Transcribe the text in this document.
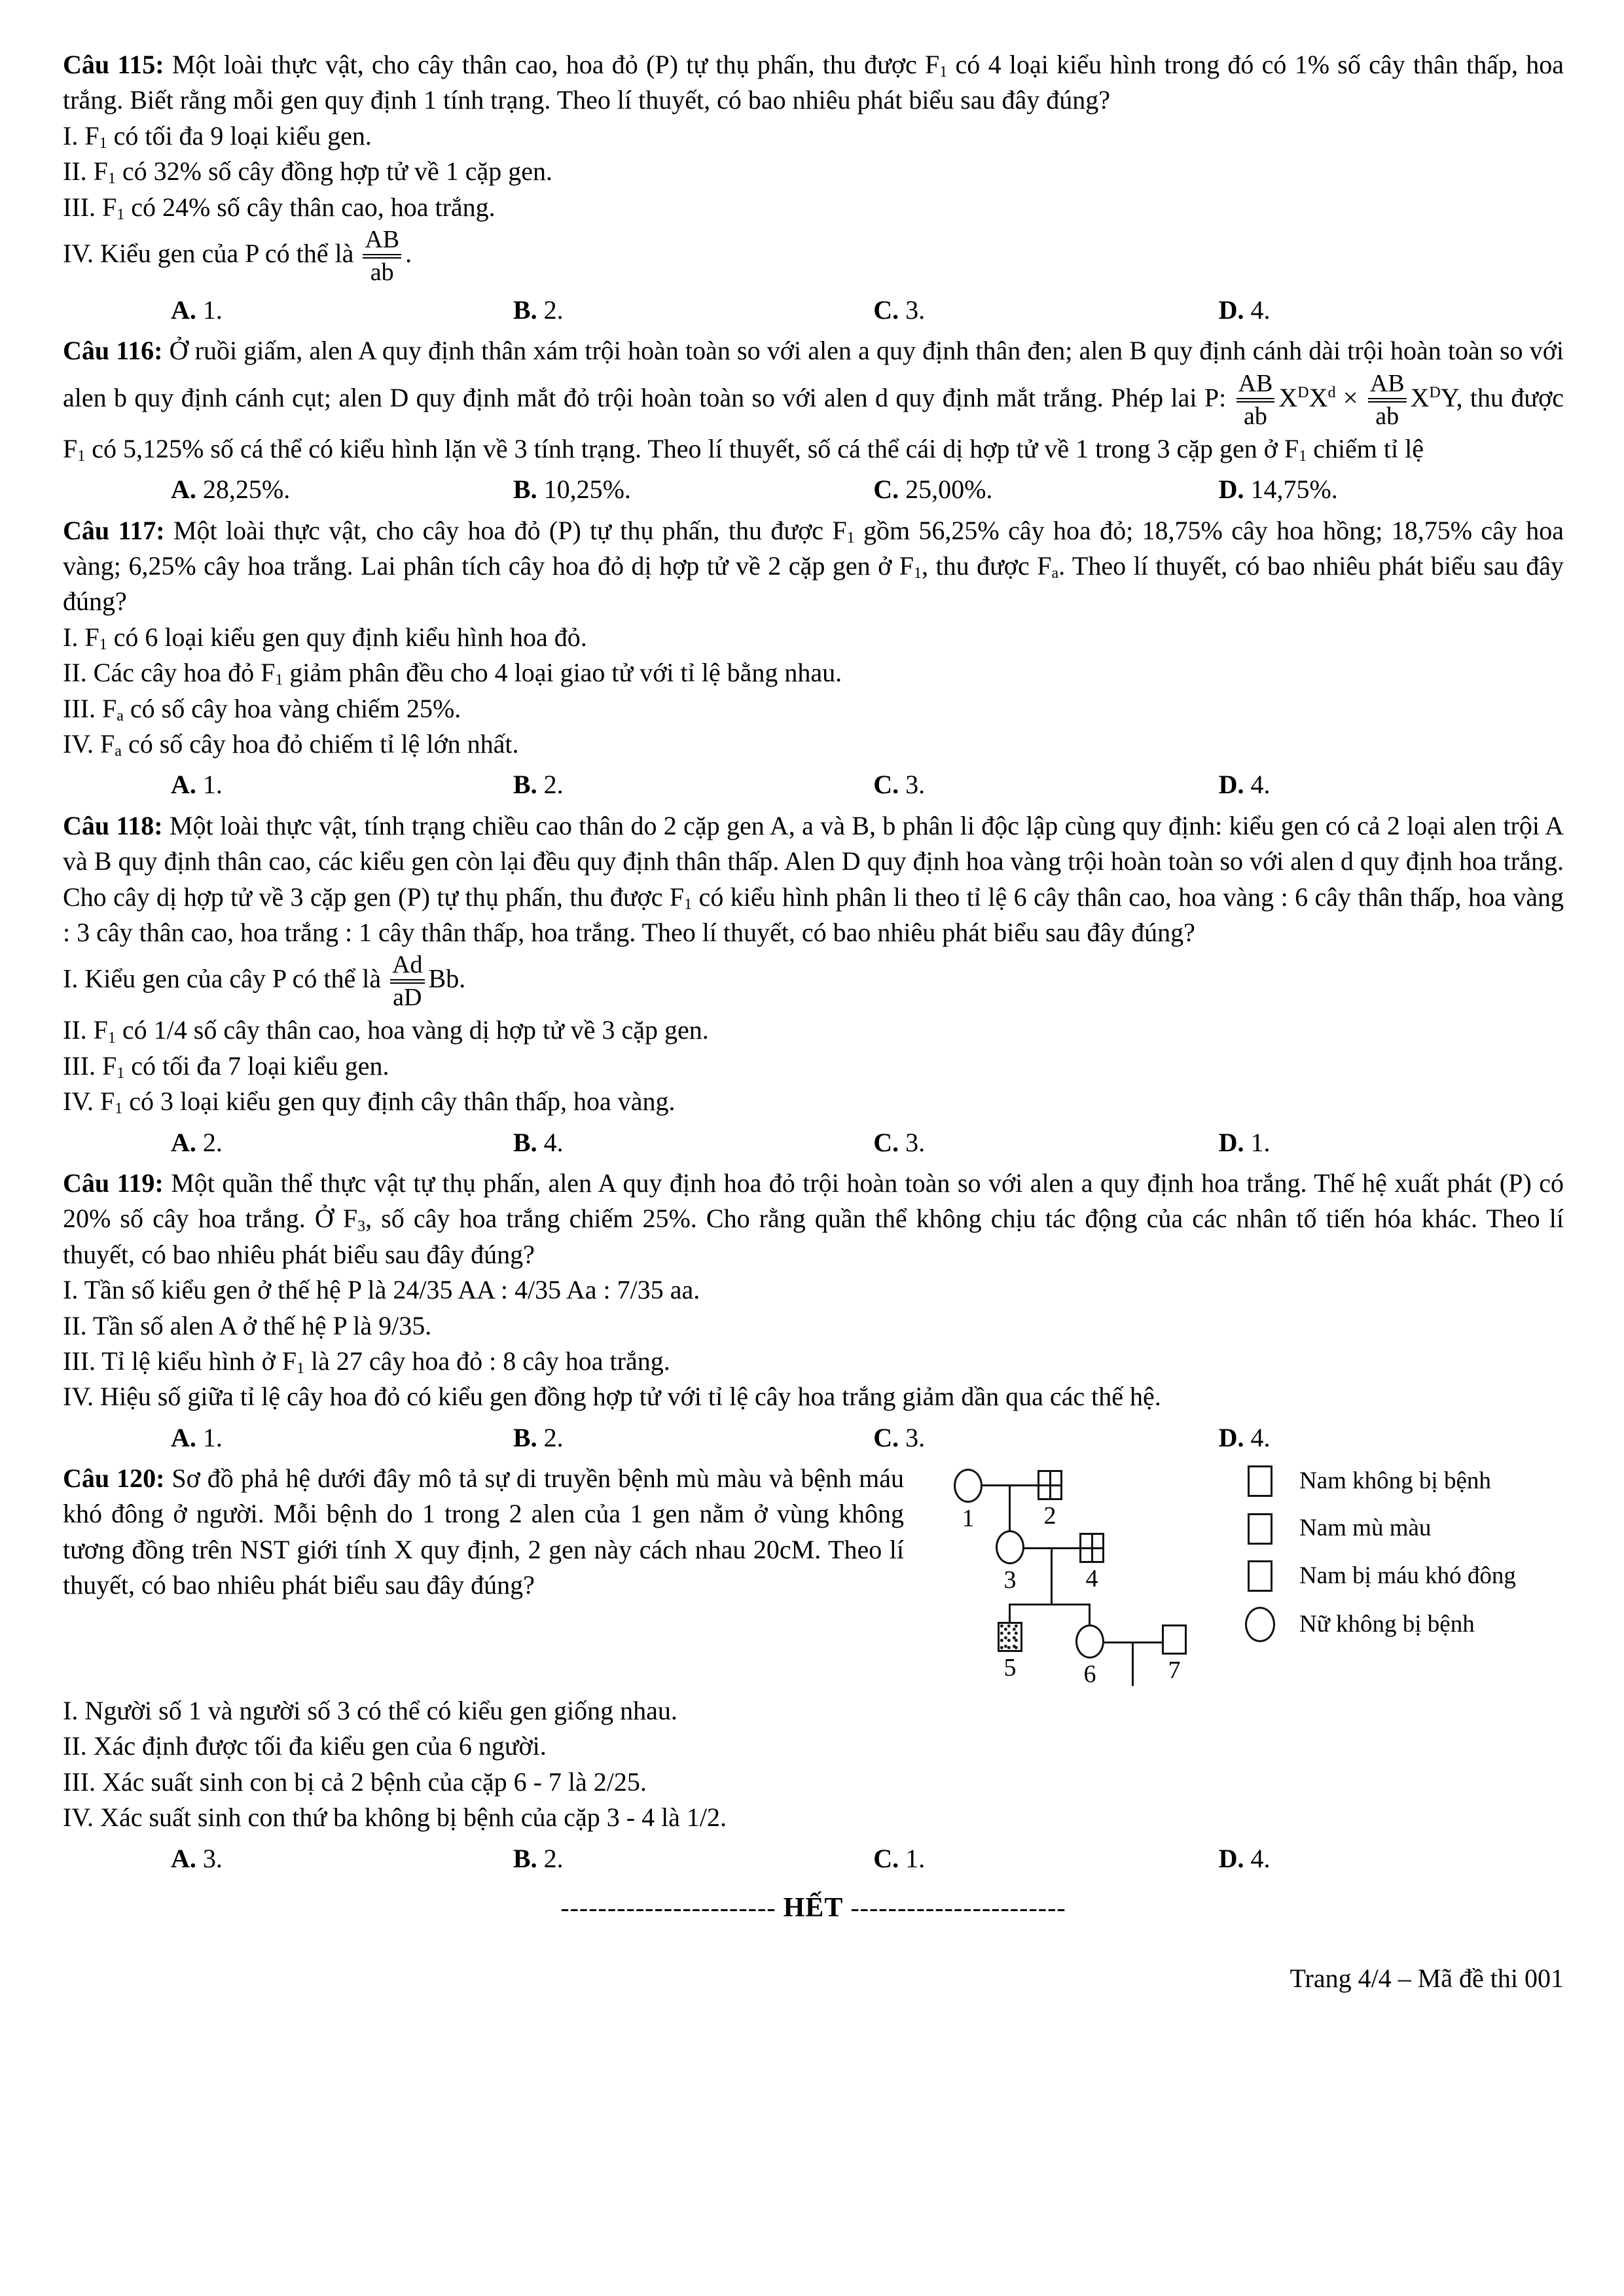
Câu 115: Một loài thực vật, cho cây thân cao, hoa đỏ (P) tự thụ phấn, thu được $F_1$ có 4 loại kiểu hình trong đó có 1% số cây thân thấp, hoa trắng. Biết rằng mỗi gen quy định 1 tính trạng. Theo lí thuyết, có bao nhiêu phát biểu sau đây đúng?

I. $F_1$ có tối đa 9 loại kiểu gen.

II. $F_1$ có 32% số cây đồng hợp tử về 1 cặp gen.

III. $F_1$ có 24% số cây thân cao, hoa trắng.

IV. Kiểu gen của P có thể là $\frac{AB}{ab}$ .

A. 1.	B. 2.	C. 3.	D. 4.

Câu 116: Ở ruồi giấm, alen A quy định thân xám trội hoàn toàn so với alen a quy định thân đen; alen B quy định cánh dài trội hoàn toàn so với alen b quy định cánh cụt; alen D quy định mắt đỏ trội hoàn toàn so với alen d quy định mắt trắng. Phép lai P: $\frac{AB}{ab} X^DX^d \times \frac{AB}{ab} X^DY$, thu được $F_1$ có 5,125% số cá thể có kiểu hình lặn về 3 tính trạng. Theo lí thuyết, số cá thể cái dị hợp tử về 1 trong 3 cặp gen ở $F_1$ chiếm tỉ lệ

A. 28,25%.	B. 10,25%.	C. 25,00%.	D. 14,75%.

Câu 117: Một loài thực vật, cho cây hoa đỏ (P) tự thụ phấn, thu được $F_1$ gồm 56,25% cây hoa đỏ; 18,75% cây hoa hồng; 18,75% cây hoa vàng; 6,25% cây hoa trắng. Lai phân tích cây hoa đỏ dị hợp tử về 2 cặp gen ở $F_1$, thu được $F_a$. Theo lí thuyết, có bao nhiêu phát biểu sau đây đúng?

I. $F_1$ có 6 loại kiểu gen quy định kiểu hình hoa đỏ.

II. Các cây hoa đỏ $F_1$ giảm phân đều cho 4 loại giao tử với tỉ lệ bằng nhau.

III. $F_a$ có số cây hoa vàng chiếm 25%.

IV. $F_a$ có số cây hoa đỏ chiếm tỉ lệ lớn nhất.

A. 1.	B. 2.	C. 3.	D. 4.

Câu 118: Một loài thực vật, tính trạng chiều cao thân do 2 cặp gen A, a và B, b phân li độc lập cùng quy định: kiểu gen có cả 2 loại alen trội A và B quy định thân cao, các kiểu gen còn lại đều quy định thân thấp. Alen D quy định hoa vàng trội hoàn toàn so với alen d quy định hoa trắng. Cho cây dị hợp tử về 3 cặp gen (P) tự thụ phấn, thu được $F_1$ có kiểu hình phân li theo tỉ lệ 6 cây thân cao, hoa vàng : 6 cây thân thấp, hoa vàng : 3 cây thân cao, hoa trắng : 1 cây thân thấp, hoa trắng. Theo lí thuyết, có bao nhiêu phát biểu sau đây đúng?

I. Kiểu gen của cây P có thể là $\frac{Ad}{aD} Bb$.

II. $F_1$ có 1/4 số cây thân cao, hoa vàng dị hợp tử về 3 cặp gen.

III. $F_1$ có tối đa 7 loại kiểu gen.

IV. $F_1$ có 3 loại kiểu gen quy định cây thân thấp, hoa vàng.

A. 2.	B. 4.	C. 3.	D. 1.

Câu 119: Một quần thể thực vật tự thụ phấn, alen A quy định hoa đỏ trội hoàn toàn so với alen a quy định hoa trắng. Thế hệ xuất phát (P) có 20% số cây hoa trắng. Ở $F_3$, số cây hoa trắng chiếm 25%. Cho rằng quần thể không chịu tác động của các nhân tố tiến hóa khác. Theo lí thuyết, có bao nhiêu phát biểu sau đây đúng?

I. Tần số kiểu gen ở thế hệ P là 24/35 AA : 4/35 Aa : 7/35 aa.

II. Tần số alen A ở thế hệ P là 9/35.

III. Tỉ lệ kiểu hình ở $F_1$ là 27 cây hoa đỏ : 8 cây hoa trắng.

IV. Hiệu số giữa tỉ lệ cây hoa đỏ có kiểu gen đồng hợp tử với tỉ lệ cây hoa trắng giảm dần qua các thế hệ.

A. 1.	B. 2.	C. 3.	D. 4.

Câu 120: Sơ đồ phả hệ dưới đây mô tả sự di truyền bệnh mù màu và bệnh máu khó đông ở người. Mỗi bệnh do 1 trong 2 alen của 1 gen nằm ở vùng không tương đồng trên NST giới tính X quy định, 2 gen này cách nhau 20cM. Theo lí thuyết, có bao nhiêu phát biểu sau đây đúng?

1	2
3	4
5	6	7
Nam không bị bệnh
Nam mù màu
Nam bị máu khó đông
Nữ không bị bệnh

I. Người số 1 và người số 3 có thể có kiểu gen giống nhau.

II. Xác định được tối đa kiểu gen của 6 người.

III. Xác suất sinh con bị cả 2 bệnh của cặp 6 - 7 là 2/25.

IV. Xác suất sinh con thứ ba không bị bệnh của cặp 3 - 4 là 1/2.

A. 3.	B. 2.	C. 1.	D. 4.

----------------------- HẾT -----------------------

Trang 4/4 – Mã đề thi 001
